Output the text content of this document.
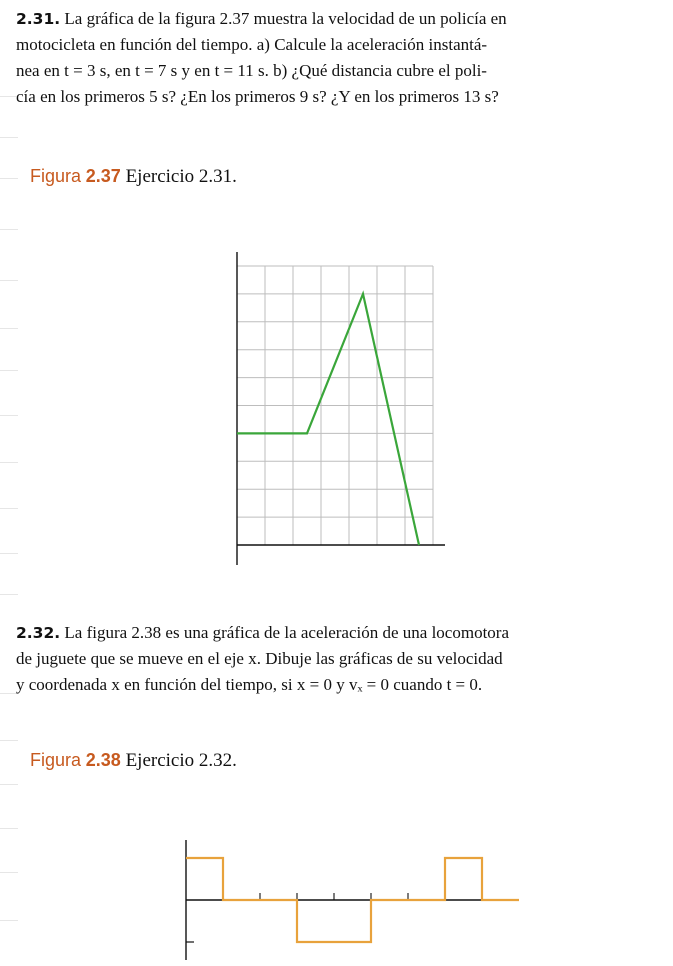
2.31. La gráfica de la figura 2.37 muestra la velocidad de un policía en
motocicleta en función del tiempo. a) Calcule la aceleración instantá-
nea en t = 3 s, en t = 7 s y en t = 11 s. b) ¿Qué distancia cubre el poli-
cía en los primeros 5 s? ¿En los primeros 9 s? ¿Y en los primeros 13 s?
Figura 2.37 Ejercicio 2.31.
2.32. La figura 2.38 es una gráfica de la aceleración de una locomotora
de juguete que se mueve en el eje x. Dibuje las gráficas de su velocidad
y coordenada x en función del tiempo, si x = 0 y vₓ = 0 cuando t = 0.
Figura 2.38 Ejercicio 2.32.
